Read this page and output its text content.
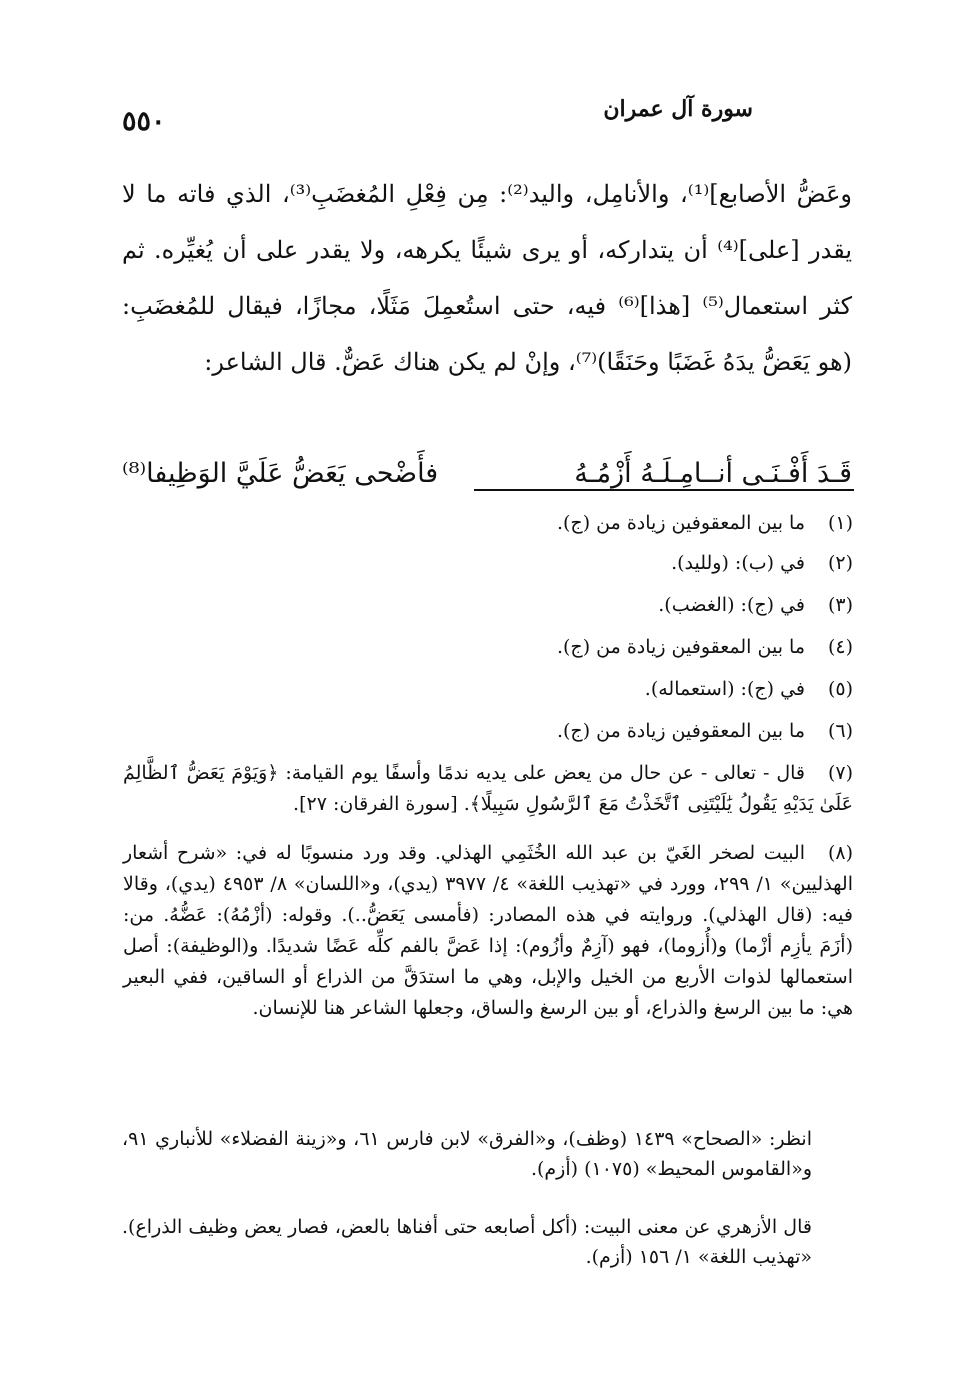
سورة آل عمران
٥٥٠

وعَضُّ الأصابع]⁽¹⁾، والأنامِل، واليد⁽²⁾: مِن فِعْلِ المُغضَبِ⁽³⁾، الذي فاته ما لا يقدر [على]⁽⁴⁾ أن يتداركه، أو يرى شيئًا يكرهه، ولا يقدر على أن يُغيِّره. ثم كثر استعمال⁽⁵⁾ [هذا]⁽⁶⁾ فيه، حتى استُعمِلَ مَثَلًا، مجازًا، فيقال للمُغضَبِ: (هو يَعَضُّ يدَهُ غَضَبًا وحَنَقًا)⁽⁷⁾، وإنْ لم يكن هناك عَضٌّ. قال الشاعر:

قَـدَ أَفْـنَـى أنــامِـلَـهُ أَزْمُـهُ
فأَضْحى يَعَضُّ عَلَيَّ الوَظِيفا⁽⁸⁾
(١)ما بين المعقوفين زيادة من (ج).
(٢)في (ب): (ولليد).
(٣)في (ج): (الغضب).
(٤)ما بين المعقوفين زيادة من (ج).
(٥)في (ج): (استعماله).
(٦)ما بين المعقوفين زيادة من (ج).
(٧)قال - تعالى - عن حال من يعض على يديه ندمًا وأسفًا يوم القيامة: ﴿وَيَوْمَ يَعَضُّ ٱلظَّالِمُ عَلَىٰ يَدَيْهِ يَقُولُ يَٰلَيْتَنِى ٱتَّخَذْتُ مَعَ ٱلرَّسُولِ سَبِيلًا﴾. [سورة الفرقان: ٢٧].
(٨)البيت لصخر الغَيّ بن عبد الله الخُثَمِي الهذلي. وقد ورد منسوبًا له في: «شرح أشعار الهذليين» ١/ ٢٩٩، وورد في «تهذيب اللغة» ٤/ ٣٩٧٧ (يدي)، و«اللسان» ٨/ ٤٩٥٣ (يدي)، وقالا فيه: (قال الهذلي). وروايته في هذه المصادر: (فأمسى يَعَضُّ..). وقوله: (أزْمُهُ): عَضُّهُ. من: (أزَمَ يأزِم أزْما) و(أُزوما)، فهو (آزِمٌ وأزُوم): إذا عَضَّ بالفم كلِّه عَضًا شديدًا. و(الوظيفة): أصل استعمالها لذوات الأربع من الخيل والإبل، وهي ما استدَقَّ من الذراع أو الساقين، ففي البعير هي: ما بين الرسغ والذراع، أو بين الرسغ والساق، وجعلها الشاعر هنا للإنسان.
انظر: «الصحاح» ١٤٣٩ (وظف)، و«الفرق» لابن فارس ٦١، و«زينة الفضلاء» للأنباري ٩١، و«القاموس المحيط» (١٠٧٥) (أزم).
قال الأزهري عن معنى البيت: (أكل أصابعه حتى أفناها بالعض، فصار يعض وظيف الذراع). «تهذيب اللغة» ١/ ١٥٦ (أزم).
